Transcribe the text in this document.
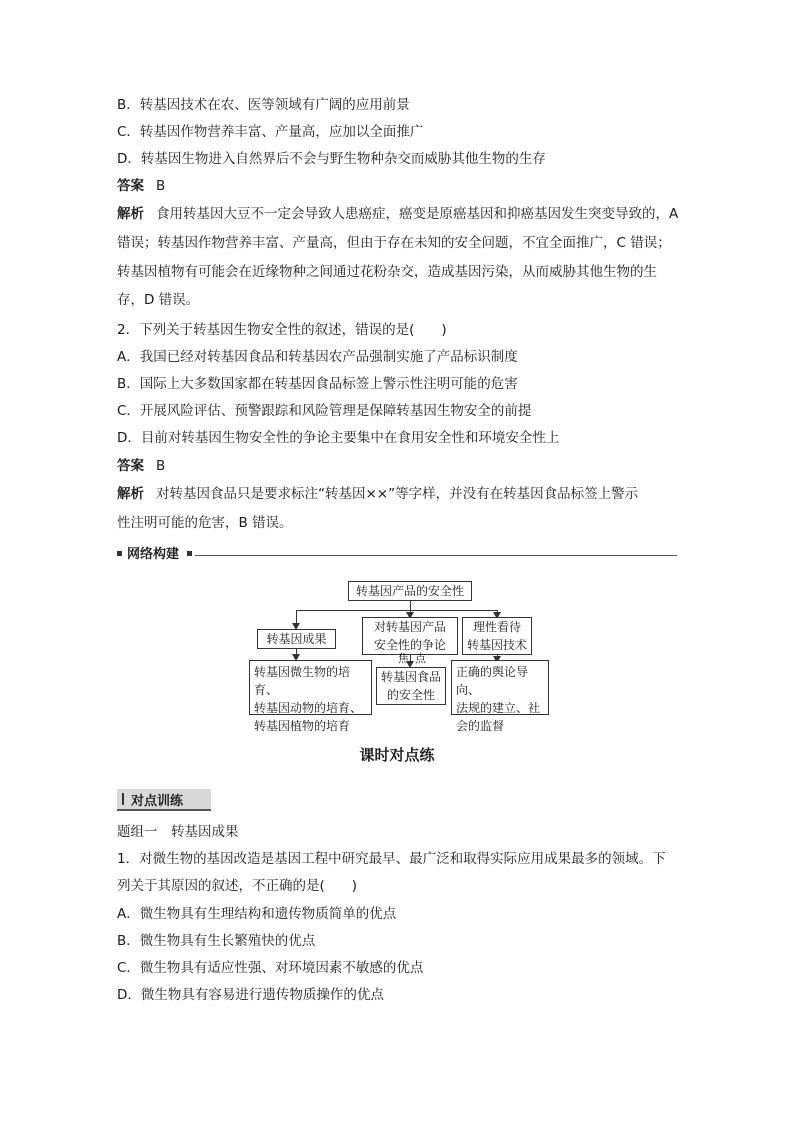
B．转基因技术在农、医等领域有广阔的应用前景
C．转基因作物营养丰富、产量高，应加以全面推广
D．转基因生物进入自然界后不会与野生物种杂交而威胁其他生物的生存
答案 B
解析 食用转基因大豆不一定会导致人患癌症，癌变是原癌基因和抑癌基因发生突变导致的，A
错误；转基因作物营养丰富、产量高，但由于存在未知的安全问题，不宜全面推广，C 错误；
转基因植物有可能会在近缘物种之间通过花粉杂交，造成基因污染，从而威胁其他生物的生
存，D 错误。
2．下列关于转基因生物安全性的叙述，错误的是(　　)
A．我国已经对转基因食品和转基因农产品强制实施了产品标识制度
B．国际上大多数国家都在转基因食品标签上警示性注明可能的危害
C．开展风险评估、预警跟踪和风险管理是保障转基因生物安全的前提
D．目前对转基因生物安全性的争论主要集中在食用安全性和环境安全性上
答案 B
解析 对转基因食品只是要求标注“转基因××”等字样，并没有在转基因食品标签上警示
性注明可能的危害，B 错误。
网络构建
转基因产品的安全性
转基因成果
对转基因产品
安全性的争论
理性看待
转基因技术
焦点
转基因微生物的培育、
转基因动物的培育、
转基因植物的培育
转基因食品
的安全性
正确的舆论导向、
法规的建立、社
会的监督
课时对点练
对点训练
题组一　转基因成果
1．对微生物的基因改造是基因工程中研究最早、最广泛和取得实际应用成果最多的领域。下
列关于其原因的叙述，不正确的是(　　)
A．微生物具有生理结构和遗传物质简单的优点
B．微生物具有生长繁殖快的优点
C．微生物具有适应性强、对环境因素不敏感的优点
D．微生物具有容易进行遗传物质操作的优点
